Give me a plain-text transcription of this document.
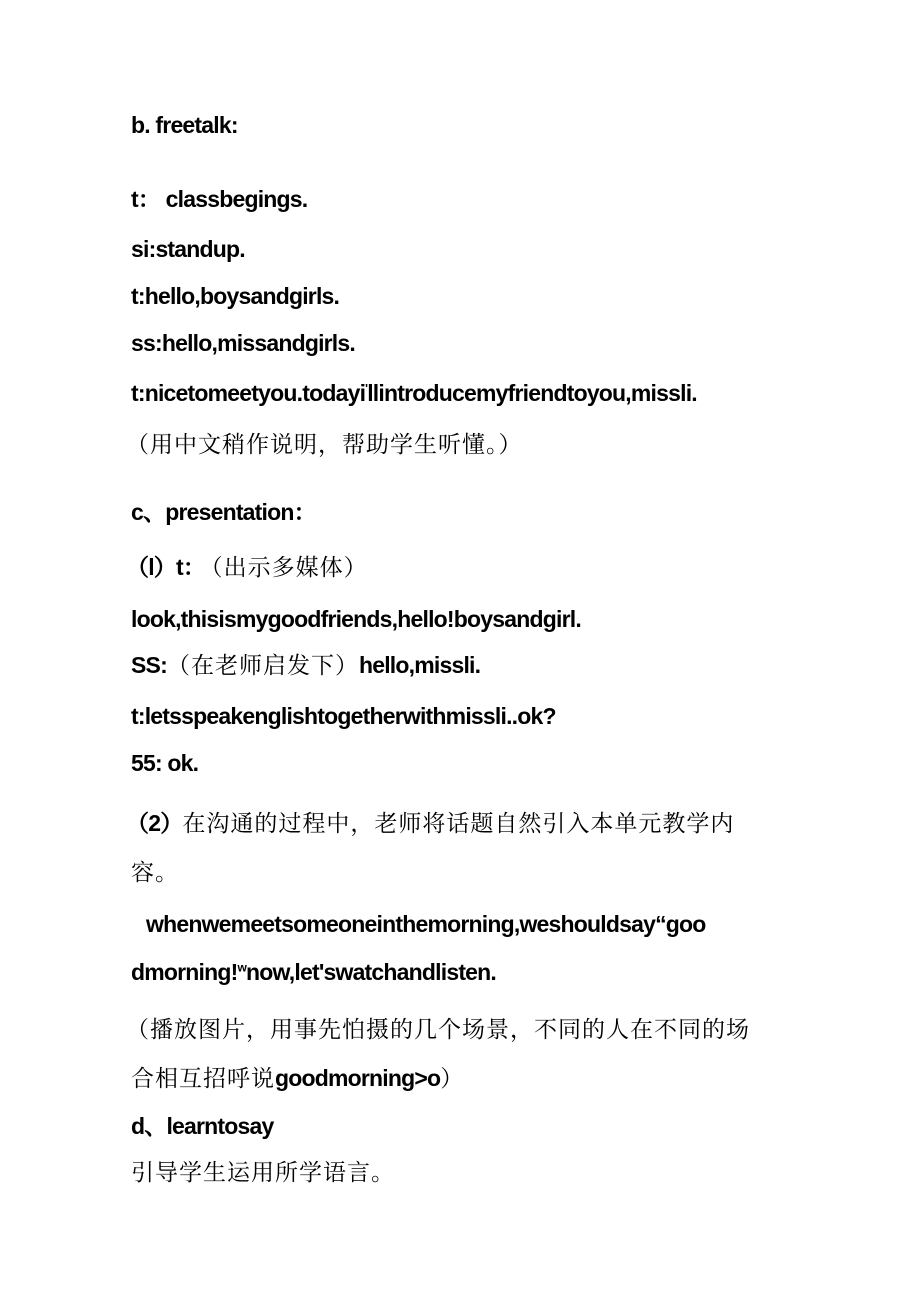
b. freetalk:
t： classbegings.
si:standup.
t:hello,boysandgirls.
ss:hello,missandgirls.
t:nicetomeetyou.todayi'llintroducemyfriendtoyou,missli.
（用中文稍作说明，帮助学生听懂。）
c、presentation：
（l）t： （出示多媒体）
look,thisismygoodfriends,hello!boysandgirl.
SS:（在老师启发下）hello,missli.
t:letsspeakenglishtogetherwithmissli..ok?
55: ok.
（2）在沟通的过程中，老师将话题自然引入本单元教学内
容。
whenwemeetsomeoneinthemorning,weshouldsay“goo
dmorning!$^w$now,let'swatchandlisten.
（播放图片，用事先怕摄的几个场景，不同的人在不同的场
合相互招呼说goodmorning>o）
d、learntosay
引导学生运用所学语言。
